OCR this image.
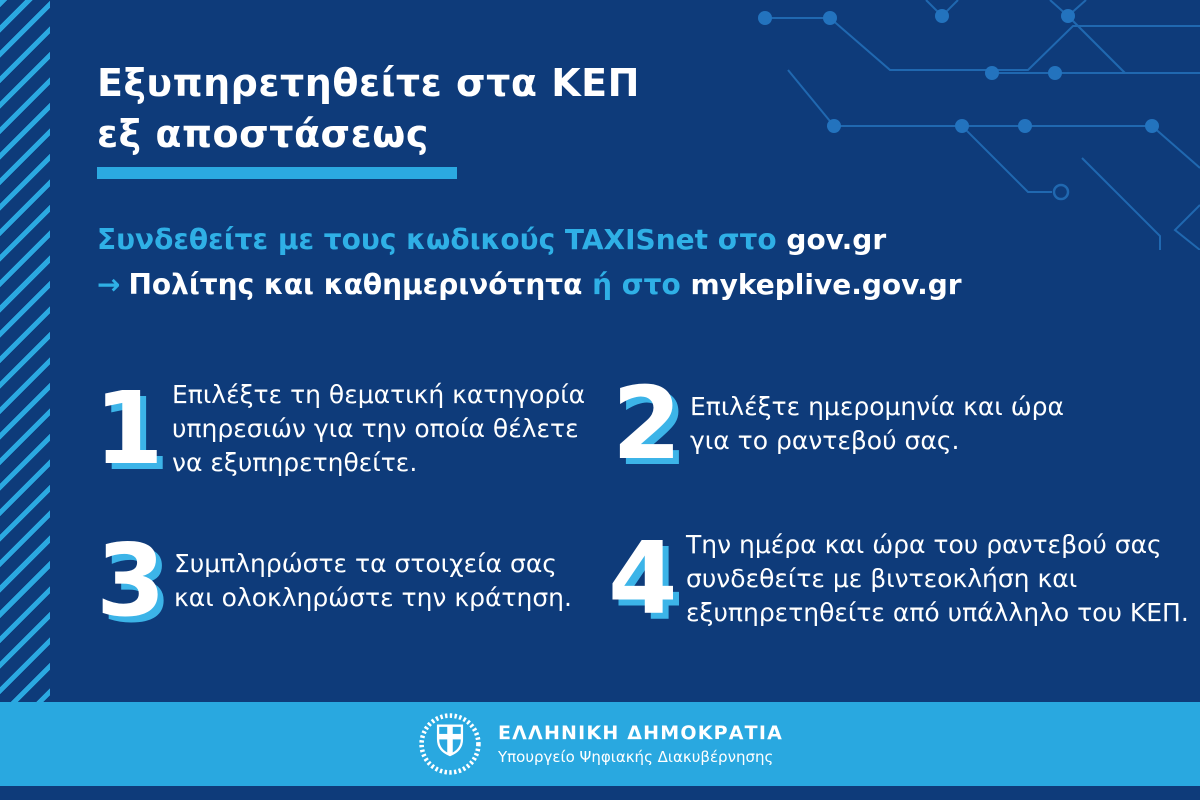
Εξυπηρετηθείτε στα ΚΕΠ
εξ αποστάσεως
Συνδεθείτε με τους κωδικούς TAXISnet στο gov.gr
→ Πολίτης και καθημερινότητα ή στο mykeplive.gov.gr
1 Επιλέξτε τη θεματική κατηγορία
υπηρεσιών για την οποία θέλετε
να εξυπηρετηθείτε.	2 Επιλέξτε ημερομηνία και ώρα
για το ραντεβού σας.
3 Συμπληρώστε τα στοιχεία σας
και ολοκληρώστε την κράτηση. 4 Την ημέρα και ώρα του ραντεβού σας
συνδεθείτε με βιντεοκλήση και
εξυπηρετηθείτε από υπάλληλο του ΚΕΠ.
ΕΛΛΗΝΙΚΗ ΔΗΜΟΚΡΑΤΙΑ
Υπουργείο Ψηφιακής Διακυβέρνησης
